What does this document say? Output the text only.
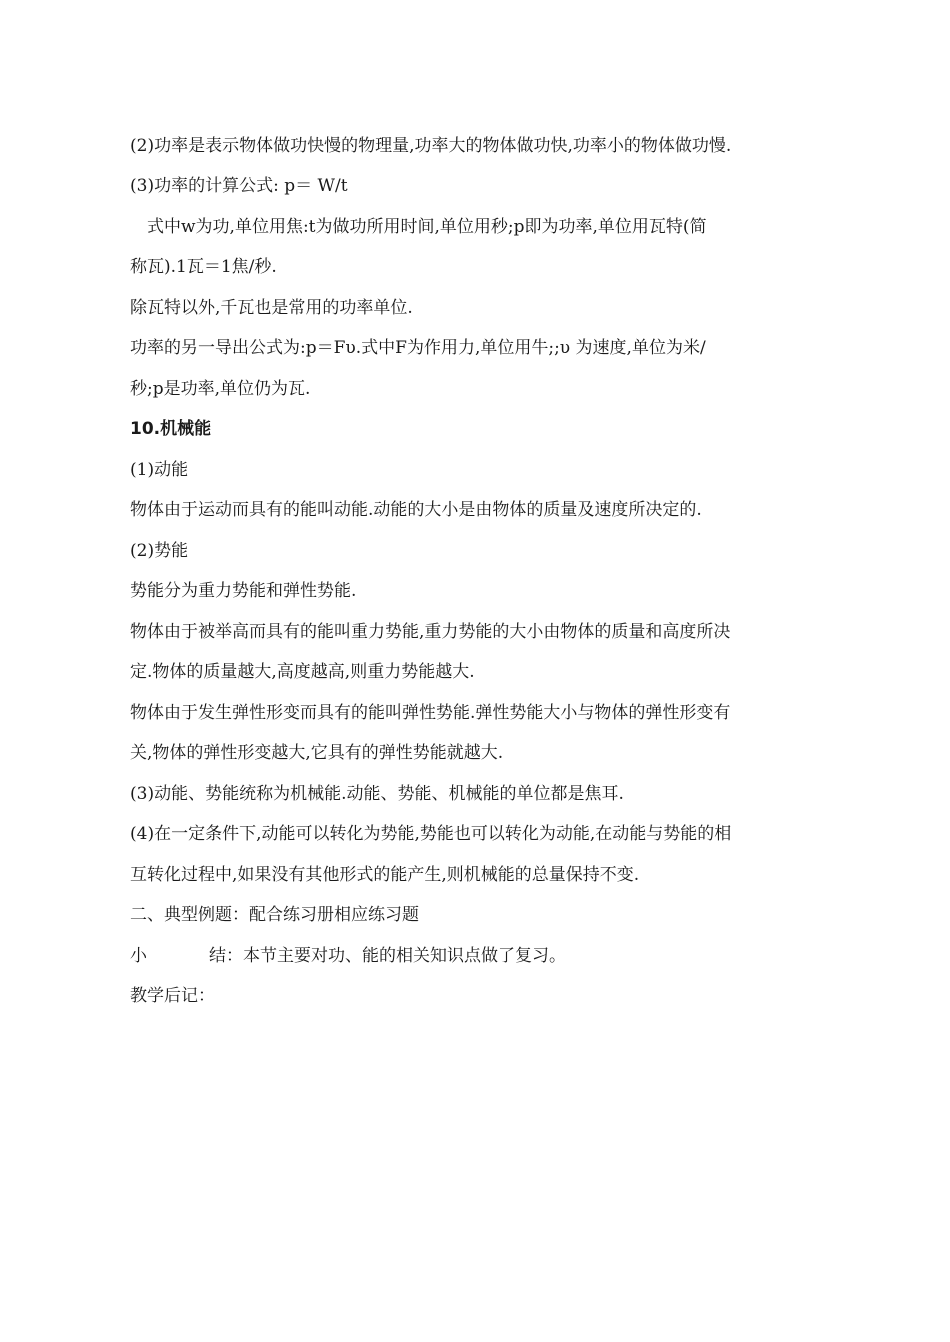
(2)功率是表示物体做功快慢的物理量,功率大的物体做功快,功率小的物体做功慢.
(3)功率的计算公式: p＝ W/t
式中w为功,单位用焦:t为做功所用时间,单位用秒;p即为功率,单位用瓦特(简
称瓦).1瓦＝1焦/秒.
除瓦特以外,千瓦也是常用的功率单位.
功率的另一导出公式为:p＝Fυ.式中F为作用力,单位用牛;;υ 为速度,单位为米/
秒;p是功率,单位仍为瓦.
10.机械能
(1)动能
物体由于运动而具有的能叫动能.动能的大小是由物体的质量及速度所决定的.
(2)势能
势能分为重力势能和弹性势能.
物体由于被举高而具有的能叫重力势能,重力势能的大小由物体的质量和高度所决
定.物体的质量越大,高度越高,则重力势能越大.
物体由于发生弹性形变而具有的能叫弹性势能.弹性势能大小与物体的弹性形变有
关,物体的弹性形变越大,它具有的弹性势能就越大.
(3)动能、势能统称为机械能.动能、势能、机械能的单位都是焦耳.
(4)在一定条件下,动能可以转化为势能,势能也可以转化为动能,在动能与势能的相
互转化过程中,如果没有其他形式的能产生,则机械能的总量保持不变.
二、典型例题：配合练习册相应练习题
小	结：本节主要对功、能的相关知识点做了复习。
教学后记：
